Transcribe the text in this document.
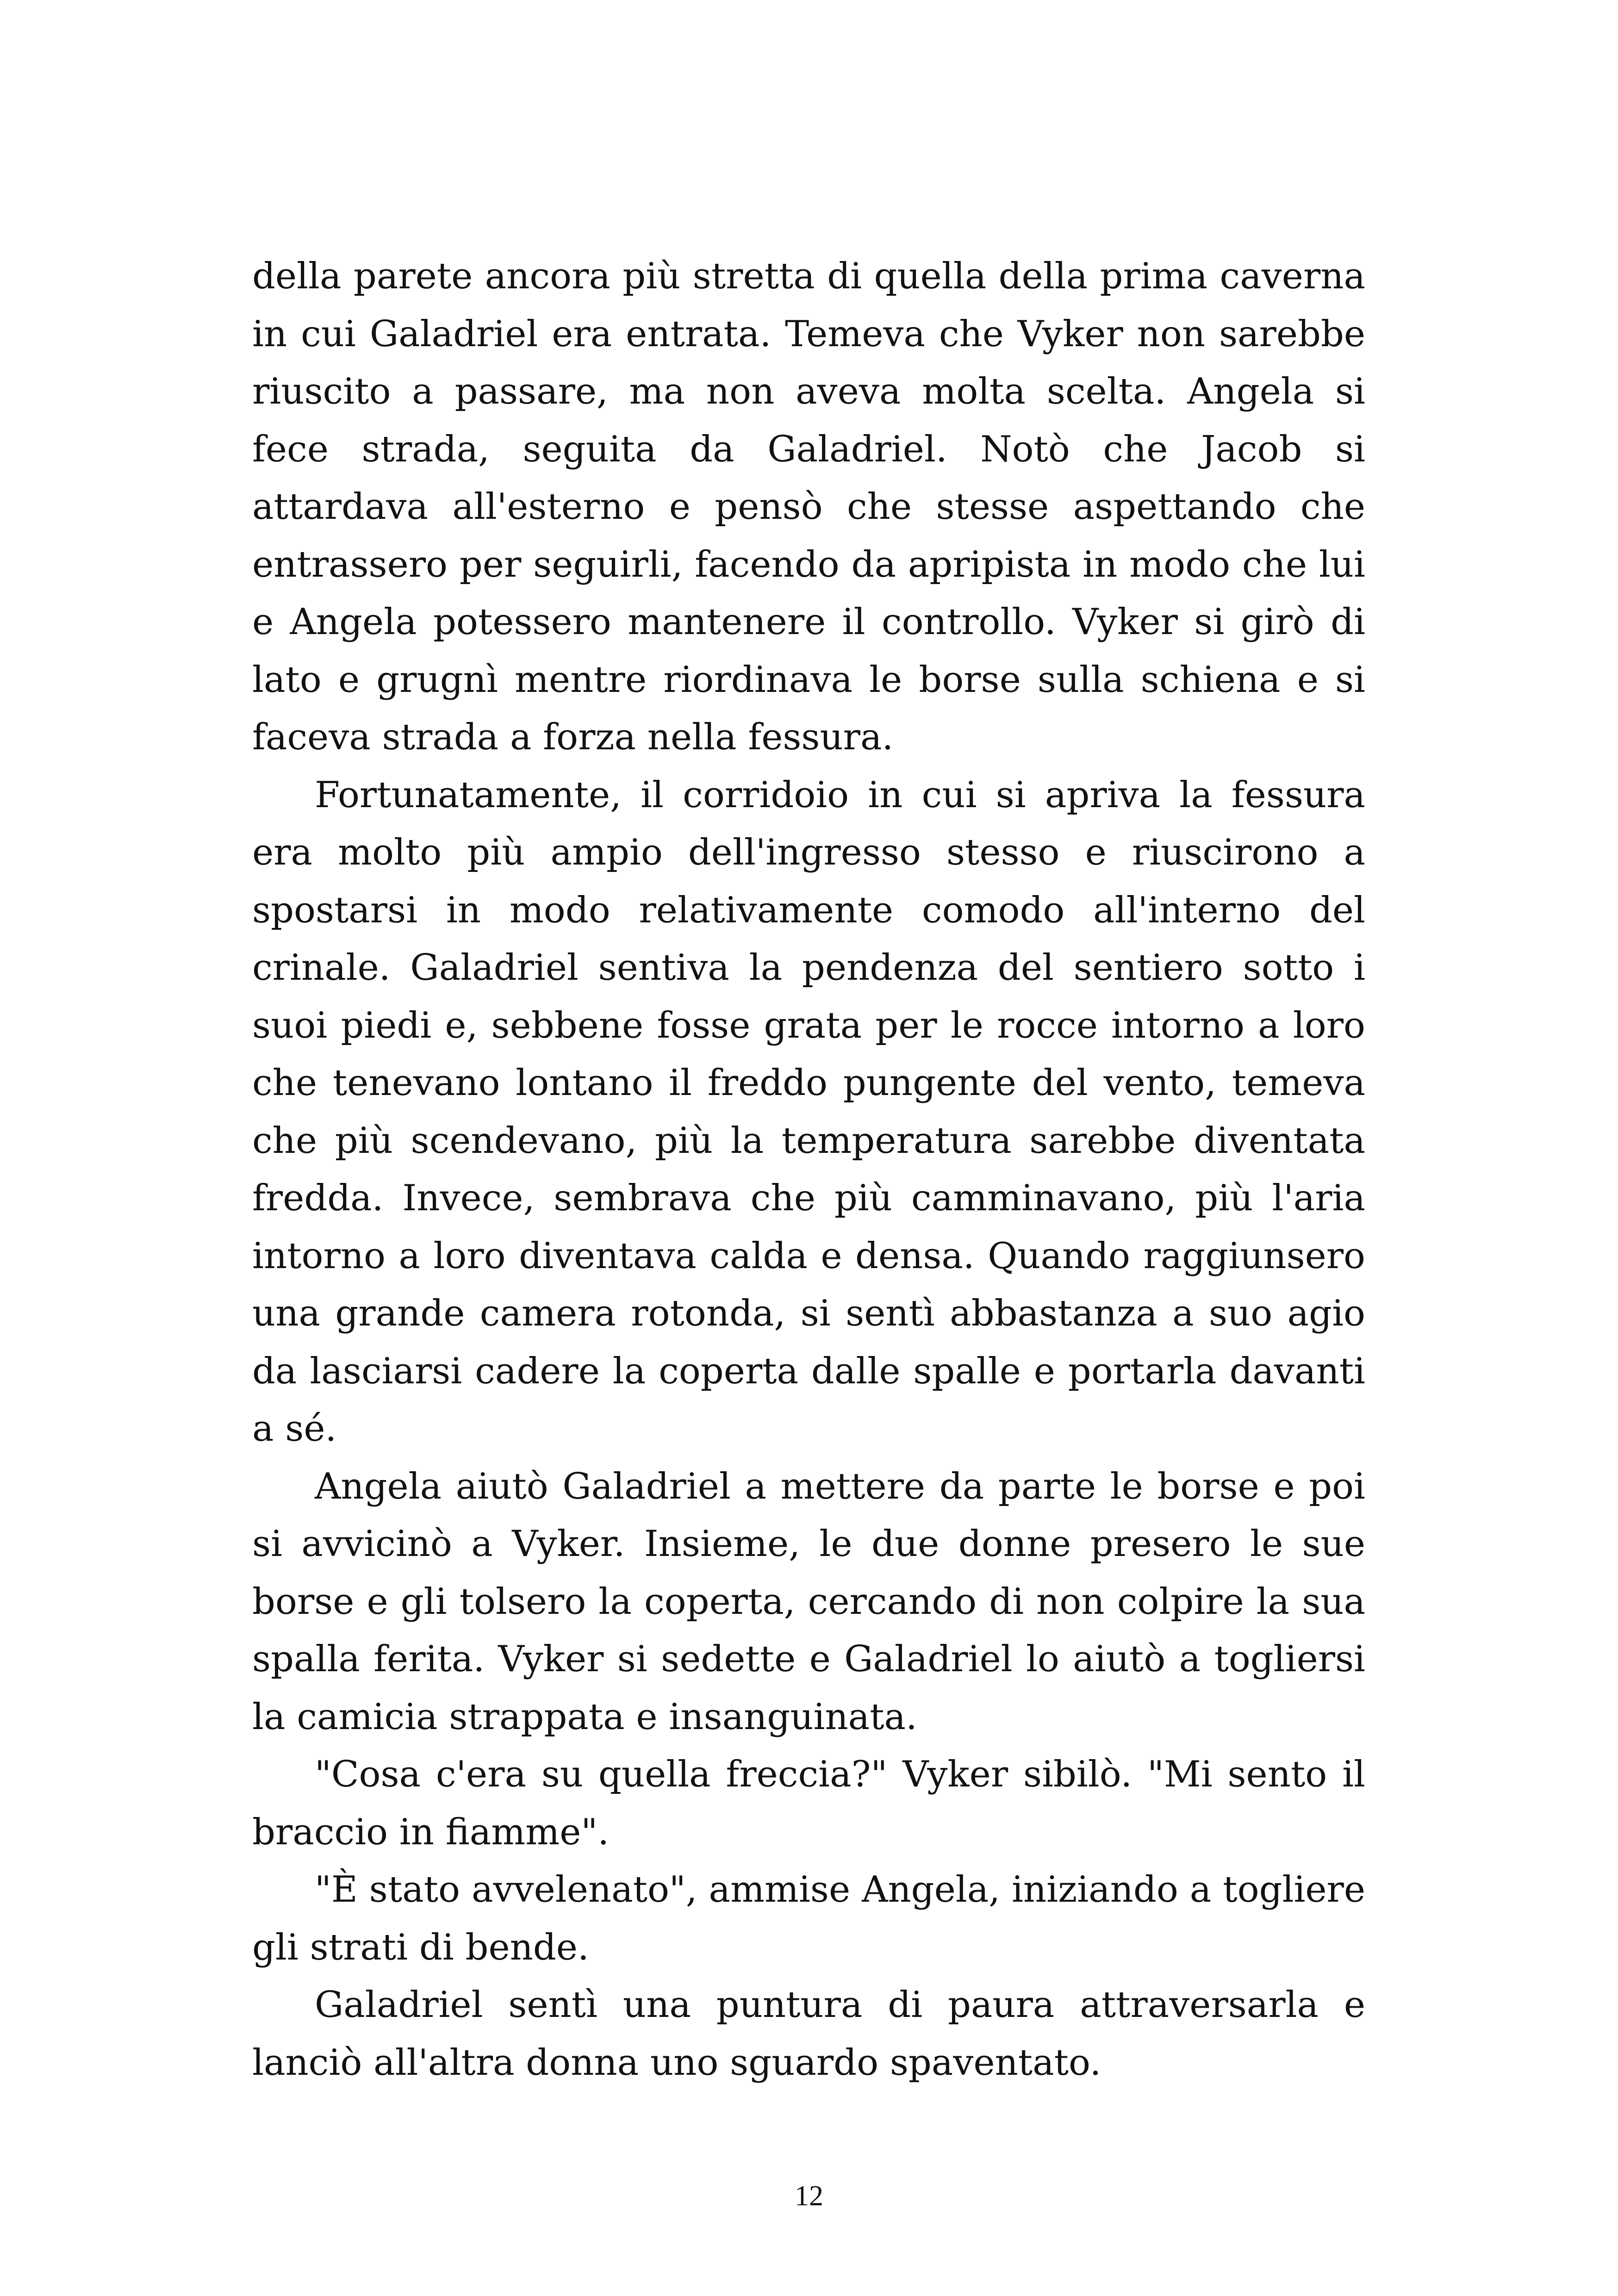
della parete ancora più stretta di quella della prima caverna in cui Galadriel era entrata. Temeva che Vyker non sarebbe riuscito a passare, ma non aveva molta scelta. Angela si fece strada, seguita da Galadriel. Notò che Jacob si attardava all'esterno e pensò che stesse aspettando che entrassero per seguirli, facendo da apripista in modo che lui e Angela potessero mantenere il controllo. Vyker si girò di lato e grugnì mentre riordinava le borse sulla schiena e si faceva strada a forza nella fessura.

Fortunatamente, il corridoio in cui si apriva la fessura era molto più ampio dell'ingresso stesso e riuscirono a spostarsi in modo relativamente comodo all'interno del crinale. Galadriel sentiva la pendenza del sentiero sotto i suoi piedi e, sebbene fosse grata per le rocce intorno a loro che tenevano lontano il freddo pungente del vento, temeva che più scendevano, più la temperatura sarebbe diventata fredda. Invece, sembrava che più camminavano, più l'aria intorno a loro diventava calda e densa. Quando raggiunsero una grande camera rotonda, si sentì abbastanza a suo agio da lasciarsi cadere la coperta dalle spalle e portarla davanti a sé.

Angela aiutò Galadriel a mettere da parte le borse e poi si avvicinò a Vyker. Insieme, le due donne presero le sue borse e gli tolsero la coperta, cercando di non colpire la sua spalla ferita. Vyker si sedette e Galadriel lo aiutò a togliersi la camicia strappata e insanguinata.

"Cosa c'era su quella freccia?" Vyker sibilò. "Mi sento il braccio in fiamme".

"È stato avvelenato", ammise Angela, iniziando a togliere gli strati di bende.

Galadriel sentì una puntura di paura attraversarla e lanciò all'altra donna uno sguardo spaventato.

12
